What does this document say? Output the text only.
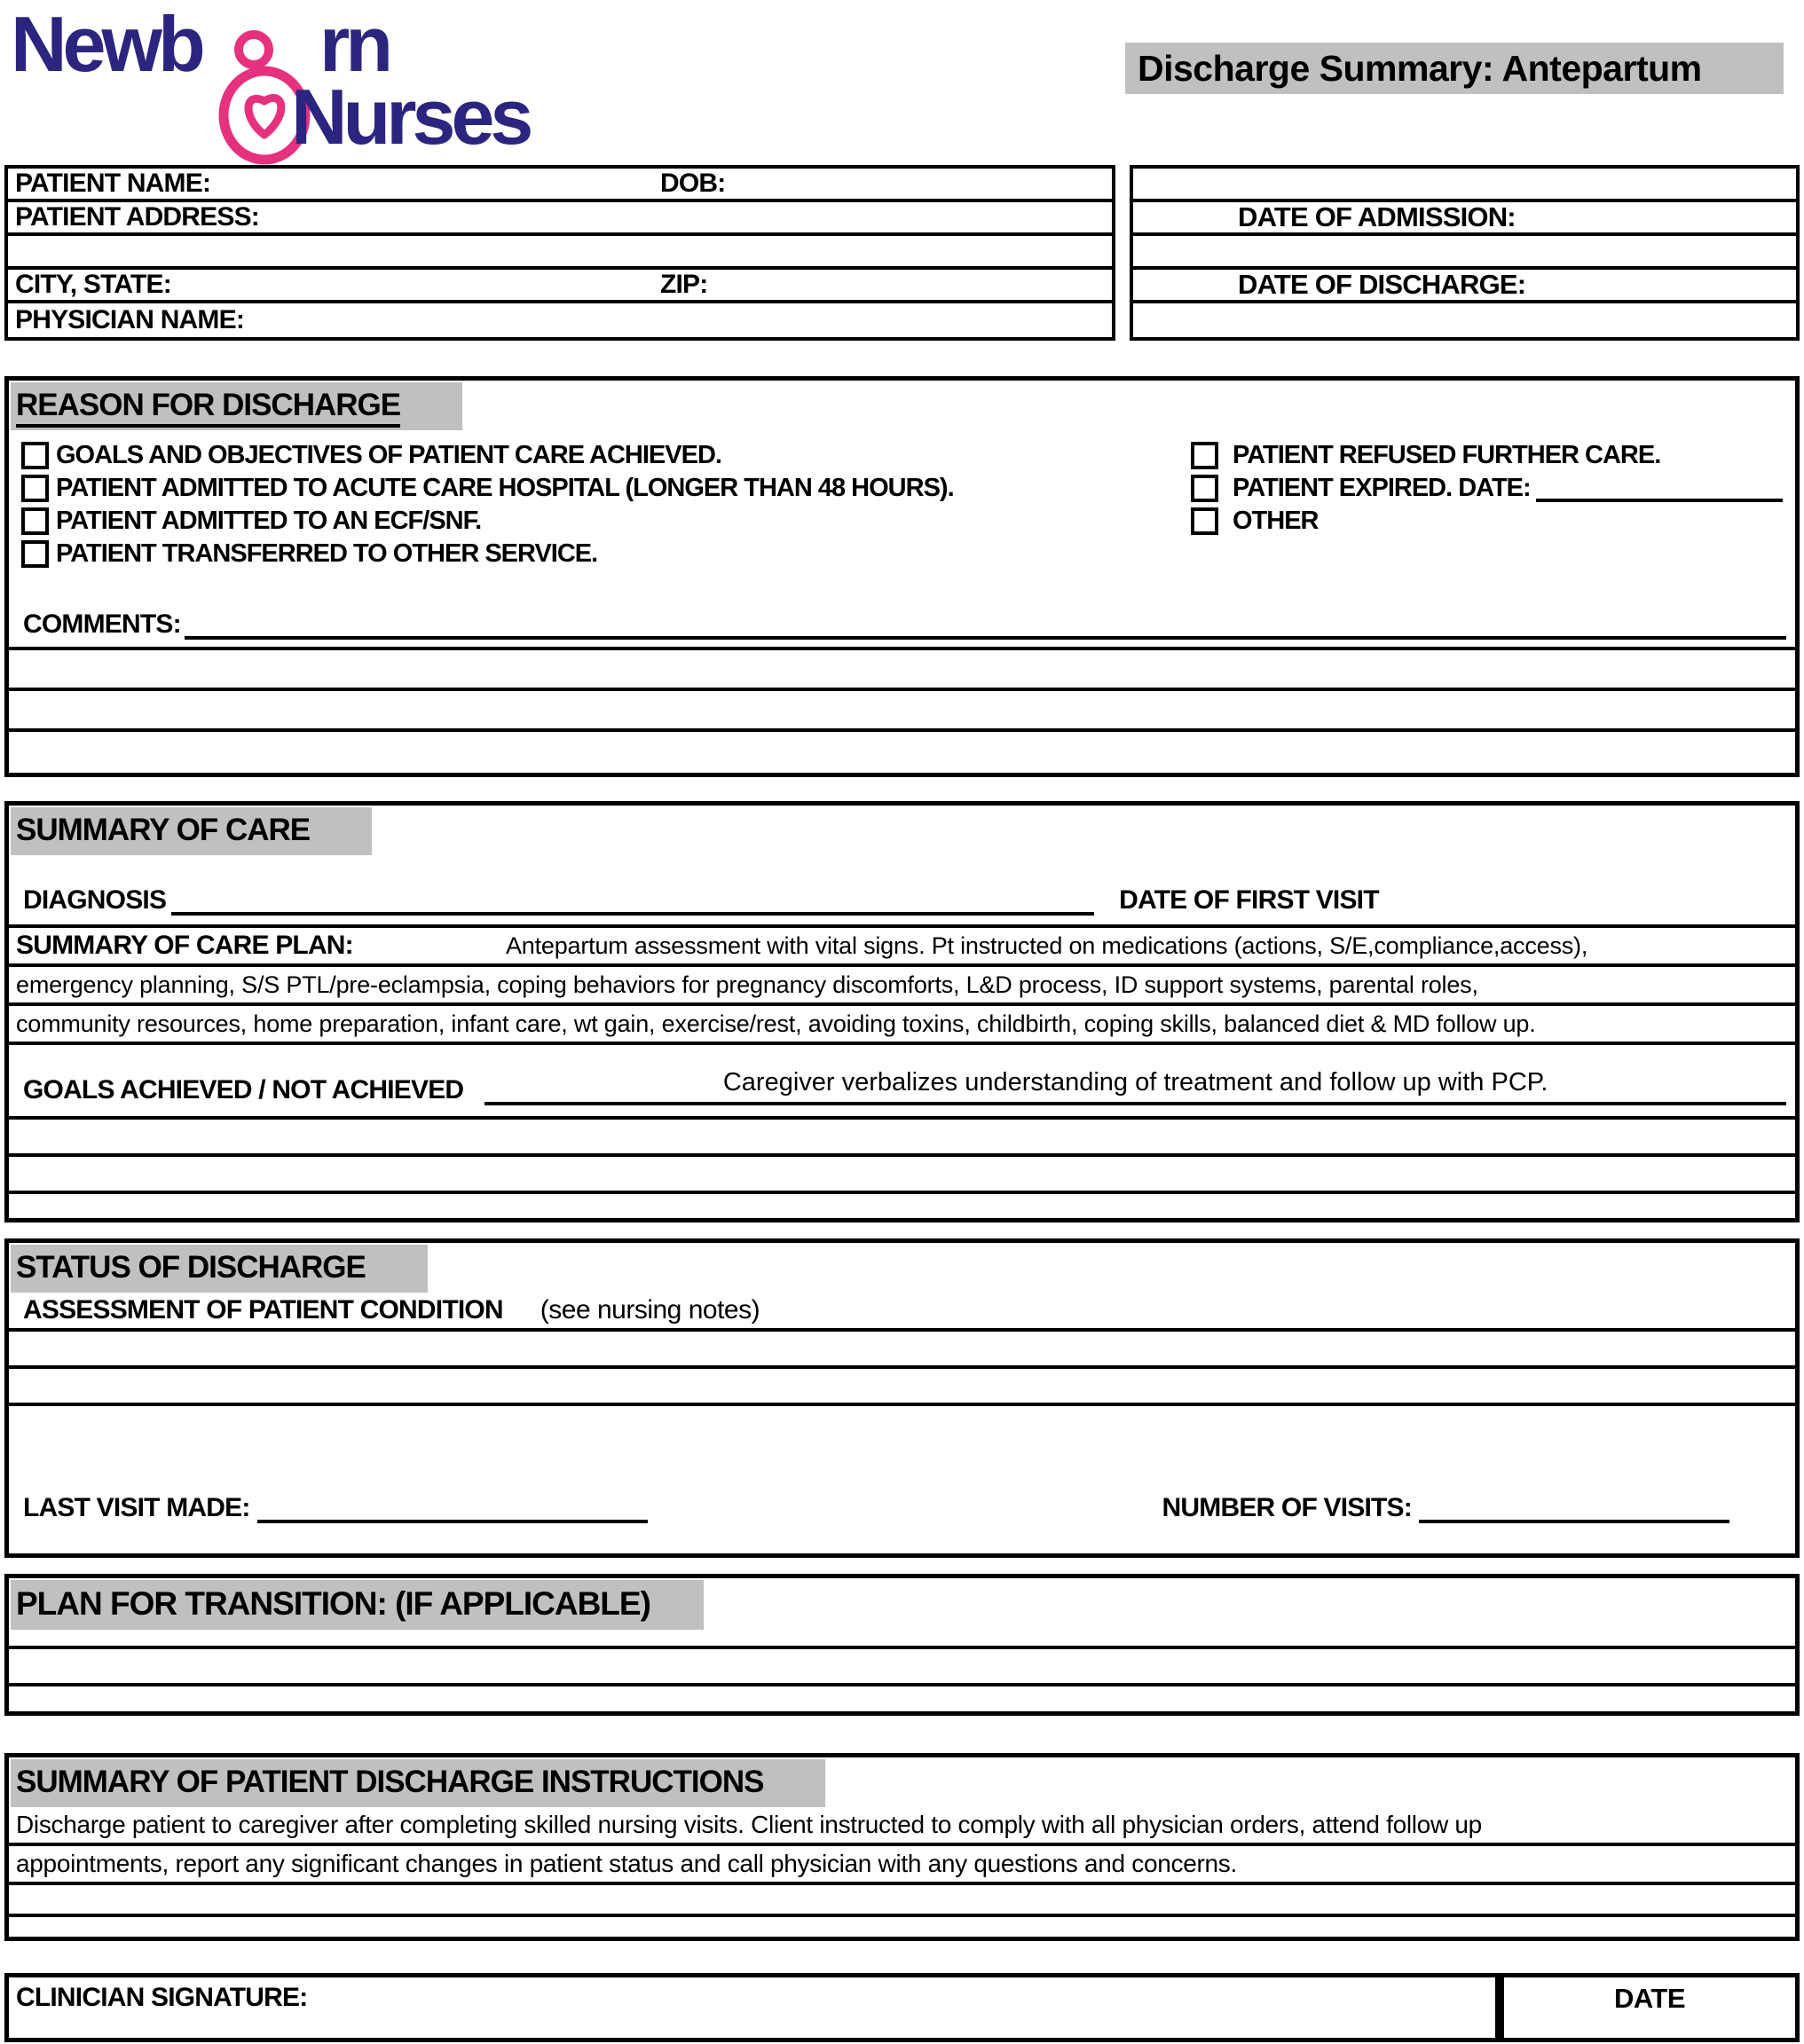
Newb rn
Nurses
Discharge Summary: Antepartum
PATIENT NAME:	DOB:
PATIENT ADDRESS:
CITY, STATE:	ZIP:
PHYSICIAN NAME:
DATE OF ADMISSION:
DATE OF DISCHARGE:
REASON FOR DISCHARGE
GOALS AND OBJECTIVES OF PATIENT CARE ACHIEVED.
PATIENT ADMITTED TO ACUTE CARE HOSPITAL (LONGER THAN 48 HOURS).
PATIENT ADMITTED TO AN ECF/SNF.
PATIENT TRANSFERRED TO OTHER SERVICE.
PATIENT REFUSED FURTHER CARE.
PATIENT EXPIRED. DATE:
OTHER
COMMENTS:
SUMMARY OF CARE
DIAGNOSIS	DATE OF FIRST VISIT
SUMMARY OF CARE PLAN:	Antepartum assessment with vital signs. Pt instructed on medications (actions, S/E,compliance,access),
emergency planning, S/S PTL/pre-eclampsia, coping behaviors for pregnancy discomforts, L&D process, ID support systems, parental roles,
community resources, home preparation, infant care, wt gain, exercise/rest, avoiding toxins, childbirth, coping skills, balanced diet & MD follow up.
GOALS ACHIEVED / NOT ACHIEVED	Caregiver verbalizes understanding of treatment and follow up with PCP.
STATUS OF DISCHARGE
ASSESSMENT OF PATIENT CONDITION (see nursing notes)
LAST VISIT MADE:	NUMBER OF VISITS:
PLAN FOR TRANSITION: (IF APPLICABLE)
SUMMARY OF PATIENT DISCHARGE INSTRUCTIONS
Discharge patient to caregiver after completing skilled nursing visits. Client instructed to comply with all physician orders, attend follow up
appointments, report any significant changes in patient status and call physician with any questions and concerns.
CLINICIAN SIGNATURE:	DATE
